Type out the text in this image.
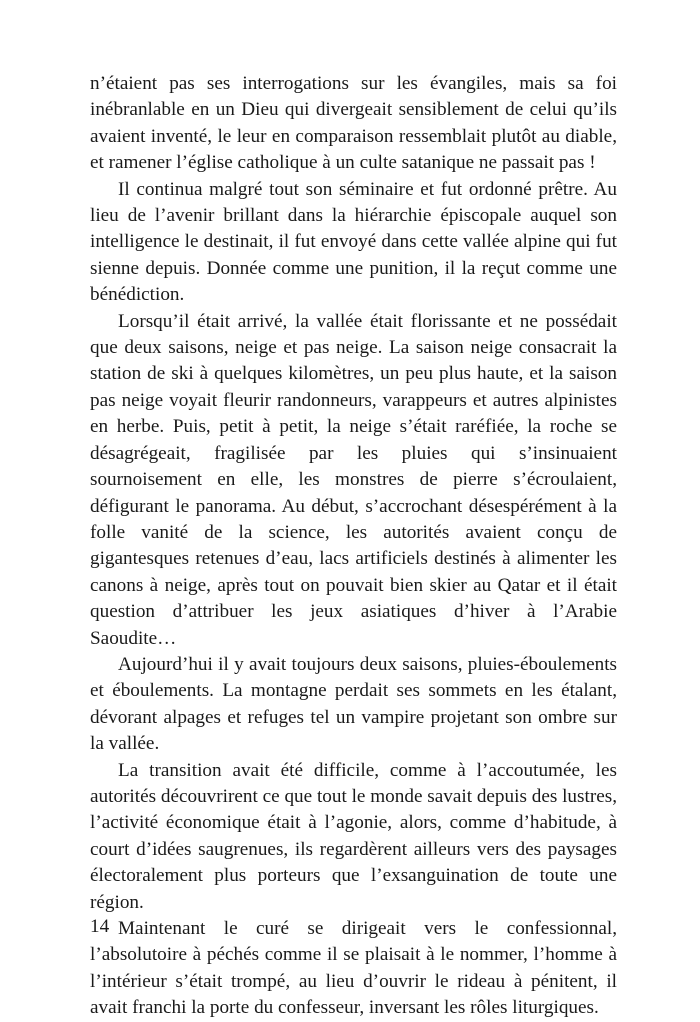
n’étaient pas ses interrogations sur les évangiles, mais sa foi inébranlable en un Dieu qui divergeait sensiblement de celui qu’ils avaient inventé, le leur en comparaison ressemblait plutôt au diable, et ramener l’église catholique à un culte satanique ne passait pas !

Il continua malgré tout son séminaire et fut ordonné prêtre. Au lieu de l’avenir brillant dans la hiérarchie épiscopale auquel son intelligence le destinait, il fut envoyé dans cette vallée alpine qui fut sienne depuis. Donnée comme une punition, il la reçut comme une bénédiction.

Lorsqu’il était arrivé, la vallée était florissante et ne possédait que deux saisons, neige et pas neige. La saison neige consacrait la station de ski à quelques kilomètres, un peu plus haute, et la saison pas neige voyait fleurir randonneurs, varappeurs et autres alpinistes en herbe. Puis, petit à petit, la neige s’était raréfiée, la roche se désagrégeait, fragilisée par les pluies qui s’insinuaient sournoisement en elle, les monstres de pierre s’écroulaient, défigurant le panorama. Au début, s’accrochant désespérément à la folle vanité de la science, les autorités avaient conçu de gigantesques retenues d’eau, lacs artificiels destinés à alimenter les canons à neige, après tout on pouvait bien skier au Qatar et il était question d’attribuer les jeux asiatiques d’hiver à l’Arabie Saoudite…

Aujourd’hui il y avait toujours deux saisons, pluies-éboulements et éboulements. La montagne perdait ses sommets en les étalant, dévorant alpages et refuges tel un vampire projetant son ombre sur la vallée.

La transition avait été difficile, comme à l’accoutumée, les autorités découvrirent ce que tout le monde savait depuis des lustres, l’activité économique était à l’agonie, alors, comme d’habitude, à court d’idées saugrenues, ils regardèrent ailleurs vers des paysages électoralement plus porteurs que l’exsanguination de toute une région.

Maintenant le curé se dirigeait vers le confessionnal, l’absolutoire à péchés comme il se plaisait à le nommer, l’homme à l’intérieur s’était trompé, au lieu d’ouvrir le rideau à pénitent, il avait franchi la porte du confesseur, inversant les rôles liturgiques.

14
